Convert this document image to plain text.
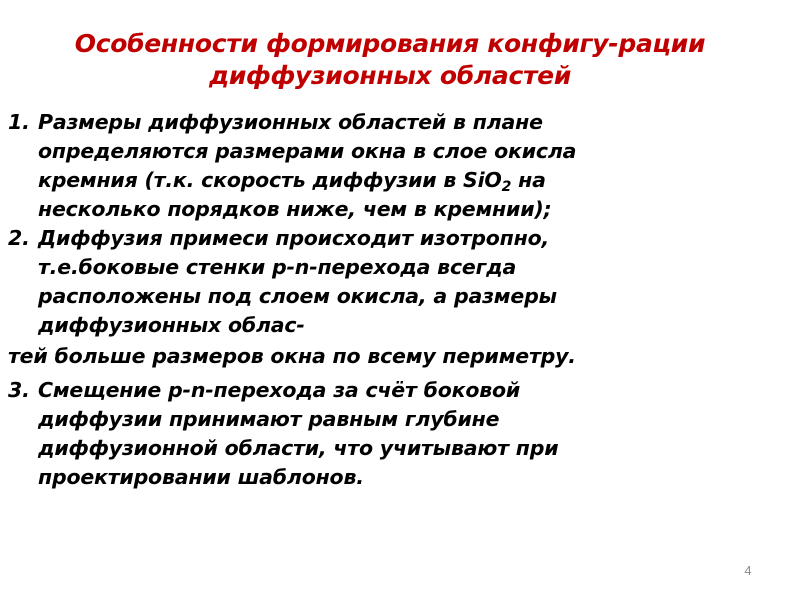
Особенности формирования конфигу-рации
диффузионных областей
1. Размеры диффузионных областей в плане
определяются размерами окна в слое окисла
кремния (т.к. скорость диффузии в SiO$_2$ на
несколько порядков ниже, чем в кремнии);
2. Диффузия примеси происходит изотропно,
т.е.боковые стенки p-n-перехода всегда
расположены под слоем окисла, а размеры
диффузионных облас-
тей больше размеров окна по всему периметру.
3. Смещение p-n-перехода за счёт боковой
диффузии принимают равным глубине
диффузионной области, что учитывают при
проектировании шаблонов.
4
